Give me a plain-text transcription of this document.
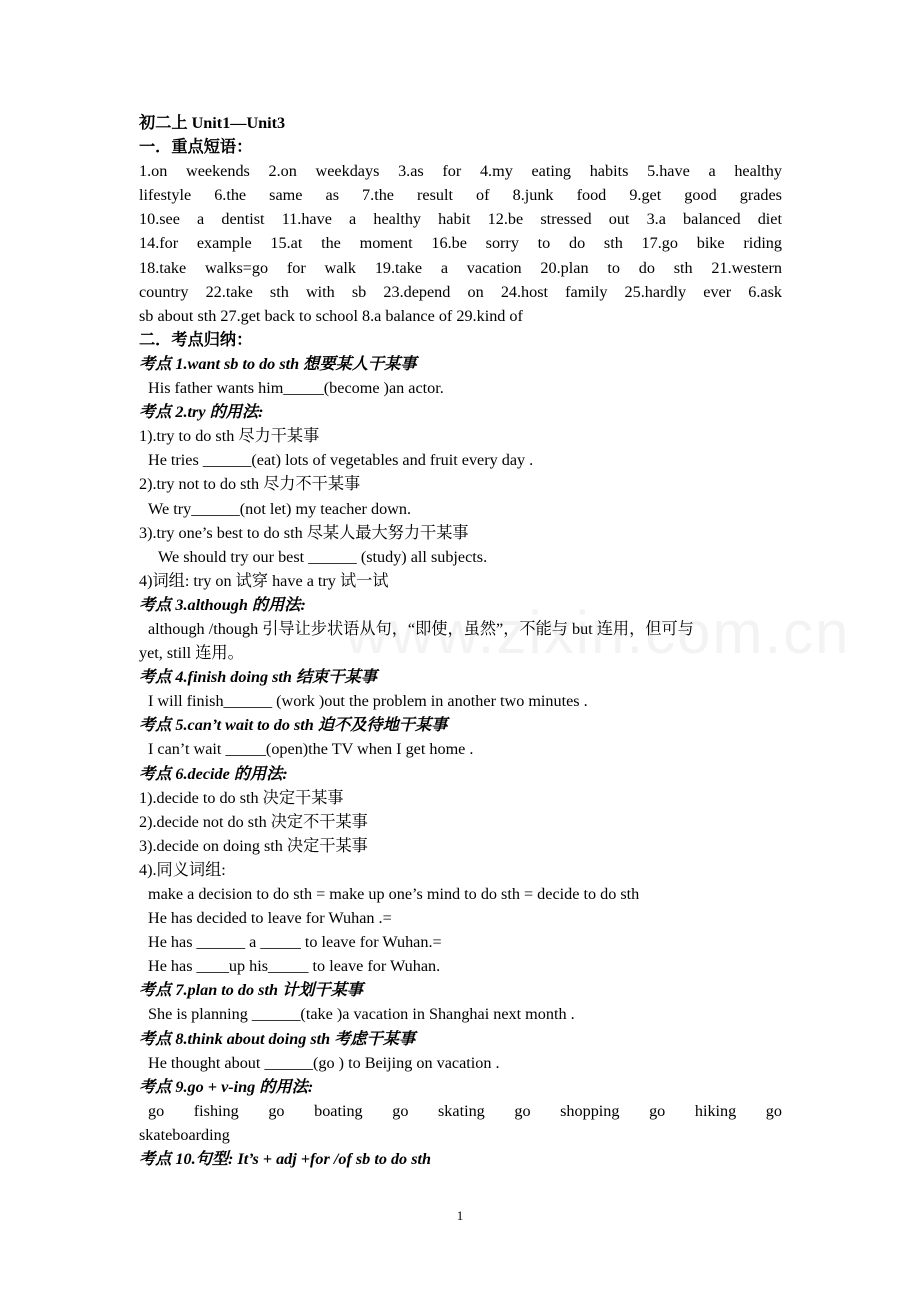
初二上 Unit1—Unit3
一．重点短语：
1.on weekends 2.on weekdays 3.as for 4.my eating habits 5.have a healthy
lifestyle 6.the same as 7.the result of 8.junk food 9.get good grades
10.see a dentist 11.have a healthy habit 12.be stressed out 3.a balanced diet
14.for example 15.at the moment 16.be sorry to do sth 17.go bike riding
18.take walks=go for walk 19.take a vacation 20.plan to do sth 21.western
country 22.take sth with sb 23.depend on 24.host family 25.hardly ever 6.ask
sb about sth 27.get back to school 8.a balance of 29.kind of
二．考点归纳：
考点 1.want sb to do sth 想要某人干某事
His father wants him_____(become )an actor.
考点 2.try 的用法:
1).try to do sth 尽力干某事
He tries ______(eat) lots of vegetables and fruit every day .
2).try not to do sth 尽力不干某事
We try______(not let) my teacher down.
3).try one’s best to do sth 尽某人最大努力干某事
We should try our best ______ (study) all subjects.
4)词组: try on 试穿 have a try 试一试
考点 3.although 的用法:
although /though 引导让步状语从句，“即使，虽然”，不能与 but 连用，但可与
yet, still 连用。
考点 4.finish doing sth 结束干某事
I will finish______ (work )out the problem in another two minutes .
考点 5.can’t wait to do sth 迫不及待地干某事
I can’t wait _____(open)the TV when I get home .
考点 6.decide 的用法:
1).decide to do sth 决定干某事
2).decide not do sth 决定不干某事
3).decide on doing sth 决定干某事
4).同义词组:
make a decision to do sth = make up one’s mind to do sth = decide to do sth
He has decided to leave for Wuhan .=
He has ______ a _____ to leave for Wuhan.=
He has ____up his_____ to leave for Wuhan.
考点 7.plan to do sth 计划干某事
She is planning ______(take )a vacation in Shanghai next month .
考点 8.think about doing sth 考虑干某事
He thought about ______(go ) to Beijing on vacation .
考点 9.go + v-ing 的用法:
go fishing go boating go skating go shopping go hiking go
skateboarding
考点 10.句型: It’s + adj +for /of sb to do sth
1
